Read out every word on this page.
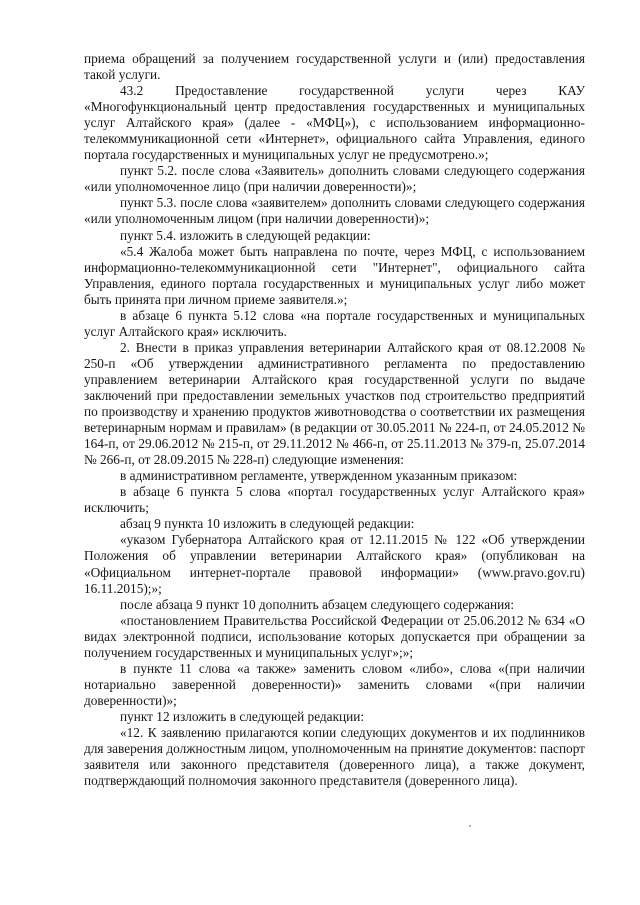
приема обращений за получением государственной услуги и (или) предоставления такой услуги.

43.2 Предоставление государственной услуги через КАУ «Многофункциональный центр предоставления государственных и муниципальных услуг Алтайского края» (далее - «МФЦ»), с использованием информационно-телекоммуникационной сети «Интернет», официального сайта Управления, единого портала государственных и муниципальных услуг не предусмотрено.»;

пункт 5.2. после слова «Заявитель» дополнить словами следующего содержания «или уполномоченное лицо (при наличии доверенности)»;

пункт 5.3. после слова «заявителем» дополнить словами следующего содержания «или уполномоченным лицом (при наличии доверенности)»;

пункт 5.4. изложить в следующей редакции:

«5.4 Жалоба может быть направлена по почте, через МФЦ, с использованием информационно-телекоммуникационной сети "Интернет", официального сайта Управления, единого портала государственных и муниципальных услуг либо может быть принята при личном приеме заявителя.»;

в абзаце 6 пункта 5.12 слова «на портале государственных и муниципальных услуг Алтайского края» исключить.

2. Внести в приказ управления ветеринарии Алтайского края от 08.12.2008 № 250-п «Об утверждении административного регламента по предоставлению управлением ветеринарии Алтайского края государственной услуги по выдаче заключений при предоставлении земельных участков под строительство предприятий по производству и хранению продуктов животноводства о соответствии их размещения ветеринарным нормам и правилам» (в редакции от 30.05.2011 № 224-п, от 24.05.2012 № 164-п, от 29.06.2012 № 215-п, от 29.11.2012 № 466-п, от 25.11.2013 № 379-п, 25.07.2014 № 266-п, от 28.09.2015 № 228-п) следующие изменения:

в административном регламенте, утвержденном указанным приказом:

в абзаце 6 пункта 5 слова «портал государственных услуг Алтайского края» исключить;

абзац 9 пункта 10 изложить в следующей редакции:

«указом Губернатора Алтайского края от 12.11.2015 № 122 «Об утверждении Положения об управлении ветеринарии Алтайского края» (опубликован на «Официальном интернет-портале правовой информации» (www.pravo.gov.ru) 16.11.2015);»;

после абзаца 9 пункт 10 дополнить абзацем следующего содержания:

«постановлением Правительства Российской Федерации от 25.06.2012 № 634 «О видах электронной подписи, использование которых допускается при обращении за получением государственных и муниципальных услуг»;»;

в пункте 11 слова «а также» заменить словом «либо», слова «(при наличии нотариально заверенной доверенности)» заменить словами «(при наличии доверенности)»;

пункт 12 изложить в следующей редакции:

«12. К заявлению прилагаются копии следующих документов и их подлинников для заверения должностным лицом, уполномоченным на принятие документов: паспорт заявителя или законного представителя (доверенного лица), а также документ, подтверждающий полномочия законного представителя (доверенного лица).
